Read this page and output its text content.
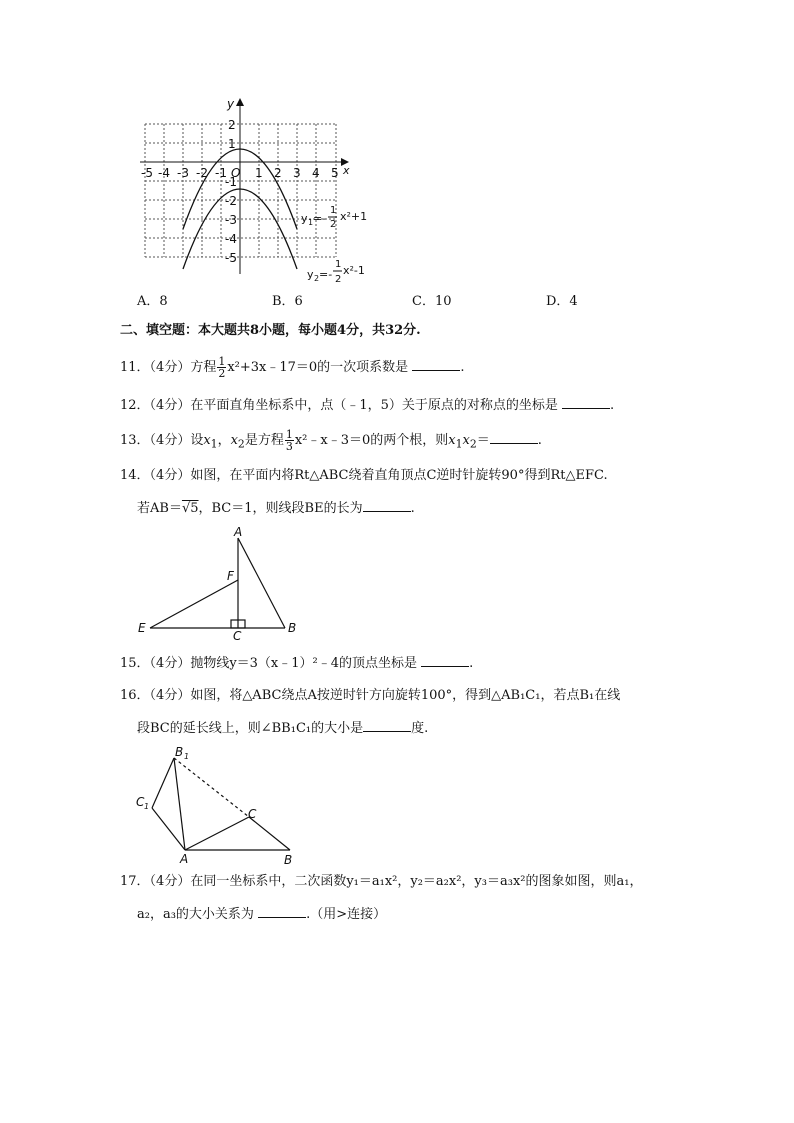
y
x
-5 -4 -3 -2 -1 O 1 2 3 4 5
2
1
-1
-2
-3
-4
-5
y 1 =-
1
2
x²+1
y 2 =-
1
2
x²-1
A．8	B．6	C．10	D．4
二、填空题：本大题共8小题，每小题4分，共32分.
11．（4分）方程 $\frac{1}{2}$ x²+3x﹣17＝0的一次项系数是	.
12．（4分）在平面直角坐标系中，点（﹣1，5）关于原点的对称点的坐标是	.
13．（4分）设$x_1$，$x_2$是方程 $\frac{1}{3}$ x²﹣x﹣3＝0的两个根，则$x_1x_2=$	.
14．（4分）如图，在平面内将Rt△ABC绕着直角顶点C逆时针旋转90°得到Rt△EFC.
若AB＝√5，BC＝1，则线段BE的长为	.
A
F
E
C
B
15．（4分）抛物线y＝3（x﹣1）²﹣4的顶点坐标是	.
16．（4分）如图，将△ABC绕点A按逆时针方向旋转100°，得到△AB₁C₁，若点B₁在线
段BC的延长线上，则∠BB₁C₁的大小是	度.
B 1
C 1
C
A	B
17．（4分）在同一坐标系中，二次函数y₁＝a₁x²，y₂＝a₂x²，y₃＝a₃x²的图象如图，则a₁，
a₂，a₃的大小关系为	.（用>连接）
